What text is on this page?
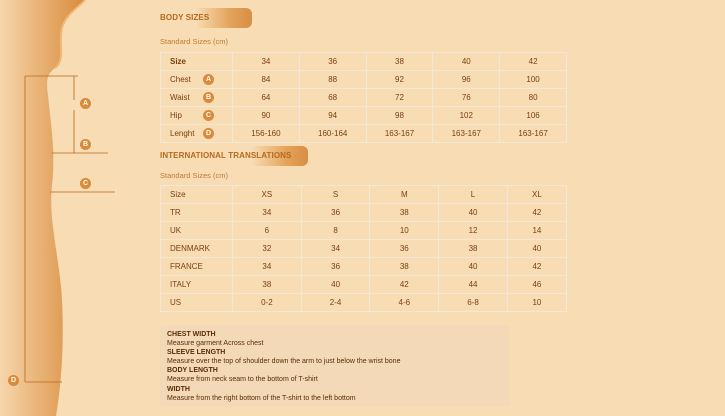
A
B
C
D
BODY SIZES
Standard Sizes (cm)
Size	34	36	38	40	42
Chest A	84	88	92	96	100
Waist B	64	68	72	76	80
Hip C	90	94	98	102	106
Lenght D	156-160	160-164	163-167	163-167	163-167
INTERNATIONAL TRANSLATIONS
Standard Sizes (cm)
Size	XS	S	M	L	XL
TR	34	36	38	40	42
UK	6	8	10	12	14
DENMARK	32	34	36	38	40
FRANCE	34	36	38	40	42
ITALY	38	40	42	44	46
US	0-2	2-4	4-6	6-8	10
CHEST WIDTH
Measure garment Across chest
SLEEVE LENGTH
Measure over the top of shoulder down the arm to just below the wrist bone
BODY LENGTH
Measure from neck seam to the bottom of T-shirt
WIDTH
Measure from the right bottom of the T-shirt to the left bottom
